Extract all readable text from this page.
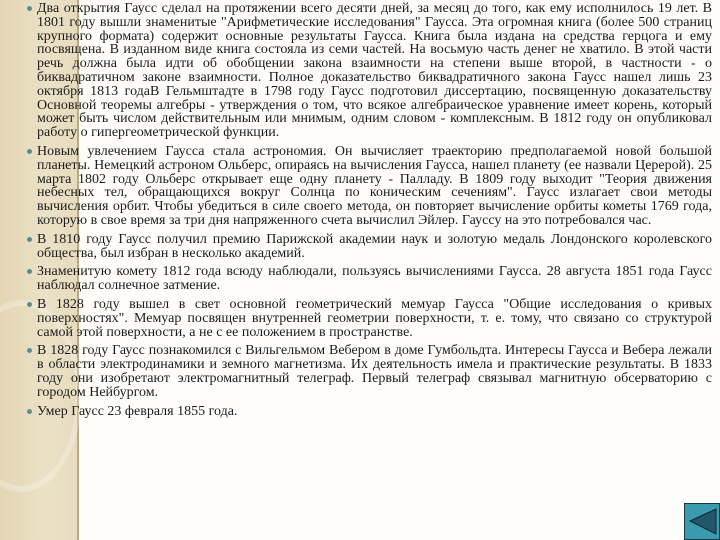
Два открытия Гаусс сделал на протяжении всего десяти дней, за месяц до того, как ему исполнилось 19 лет. В 1801 году вышли знаменитые "Арифметические исследования" Гаусса. Эта огромная книга (более 500 страниц крупного формата) содержит основные результаты Гаусса. Книга была издана на средства герцога и ему посвящена. В изданном виде книга состояла из семи частей. На восьмую часть денег не хватило. В этой части речь должна была идти об обобщении закона взаимности на степени выше второй, в частности - о биквадратичном законе взаимности. Полное доказательство биквадратичного закона Гаусс нашел лишь 23 октября 1813 годаВ Гельмштадте в 1798 году Гаусс подготовил диссертацию, посвященную доказательству Основной теоремы алгебры - утверждения о том, что всякое алгебраическое уравнение имеет корень, который может быть числом действительным или мнимым, одним словом - комплексным. В 1812 году он опубликовал работу о гипергеометрической функции.
Новым увлечением Гаусса стала астрономия. Он вычисляет траекторию предполагаемой новой большой планеты. Немецкий астроном Ольберс, опираясь на вычисления Гаусса, нашел планету (ее назвали Церерой). 25 марта 1802 году Ольберс открывает еще одну планету - Палладу. В 1809 году выходит "Теория движения небесных тел, обращающихся вокруг Солнца по коническим сечениям". Гаусс излагает свои методы вычисления орбит. Чтобы убедиться в силе своего метода, он повторяет вычисление орбиты кометы 1769 года, которую в свое время за три дня напряженного счета вычислил Эйлер. Гауссу на это потребовался час.
В 1810 году Гаусс получил премию Парижской академии наук и золотую медаль Лондонского королевского общества, был избран в несколько академий.
Знаменитую комету 1812 года всюду наблюдали, пользуясь вычислениями Гаусса. 28 августа 1851 года Гаусс наблюдал солнечное затмение.
В 1828 году вышел в свет основной геометрический мемуар Гаусса "Общие исследования о кривых поверхностях". Мемуар посвящен внутренней геометрии поверхности, т. е. тому, что связано со структурой самой этой поверхности, а не с ее положением в пространстве.
В 1828 году Гаусс познакомился с Вильгельмом Вебером в доме Гумбольдта. Интересы Гаусса и Вебера лежали в области электродинамики и земного магнетизма. Их деятельность имела и практические результаты. В 1833 году они изобретают электромагнитный телеграф. Первый телеграф связывал магнитную обсерваторию с городом Нейбургом.
Умер Гаусс 23 февраля 1855 года.
